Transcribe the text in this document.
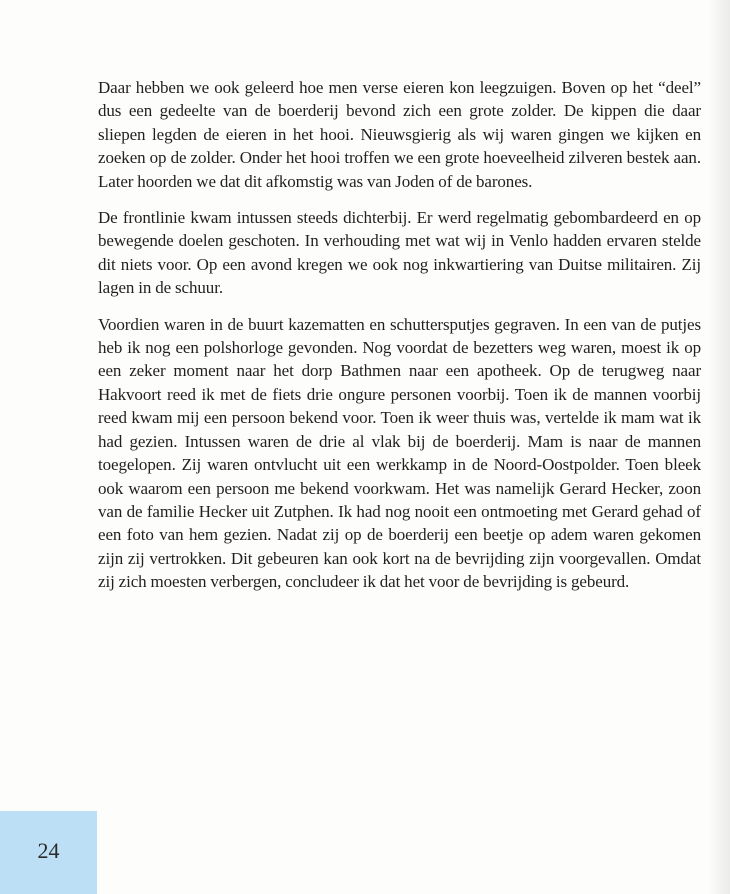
Daar hebben we ook geleerd hoe men verse eieren kon leegzuigen. Boven op het “deel” dus een gedeelte van de boerderij bevond zich een grote zolder. De kippen die daar sliepen legden de eieren in het hooi. Nieuwsgierig als wij waren gingen we kijken en zoeken op de zolder. Onder het hooi troffen we een grote hoeveelheid zilveren bestek aan. Later hoorden we dat dit afkomstig was van Joden of de barones.

De frontlinie kwam intussen steeds dichterbij. Er werd regelmatig gebombardeerd en op bewegende doelen geschoten. In verhouding met wat wij in Venlo hadden ervaren stelde dit niets voor. Op een avond kregen we ook nog inkwartiering van Duitse militairen. Zij lagen in de schuur.

Voordien waren in de buurt kazematten en schuttersputjes gegraven. In een van de putjes heb ik nog een polshorloge gevonden. Nog voordat de bezetters weg waren, moest ik op een zeker moment naar het dorp Bathmen naar een apotheek. Op de terugweg naar Hakvoort reed ik met de fiets drie ongure personen voorbij. Toen ik de mannen voorbij reed kwam mij een persoon bekend voor. Toen ik weer thuis was, vertelde ik mam wat ik had gezien. Intussen waren de drie al vlak bij de boerderij. Mam is naar de mannen toegelopen. Zij waren ontvlucht uit een werkkamp in de Noord-Oostpolder. Toen bleek ook waarom een persoon me bekend voorkwam. Het was namelijk Gerard Hecker, zoon van de familie Hecker uit Zutphen. Ik had nog nooit een ontmoeting met Gerard gehad of een foto van hem gezien. Nadat zij op de boerderij een beetje op adem waren gekomen zijn zij vertrokken. Dit gebeuren kan ook kort na de bevrijding zijn voorgevallen. Omdat zij zich moesten verbergen, concludeer ik dat het voor de bevrijding is gebeurd.

24
